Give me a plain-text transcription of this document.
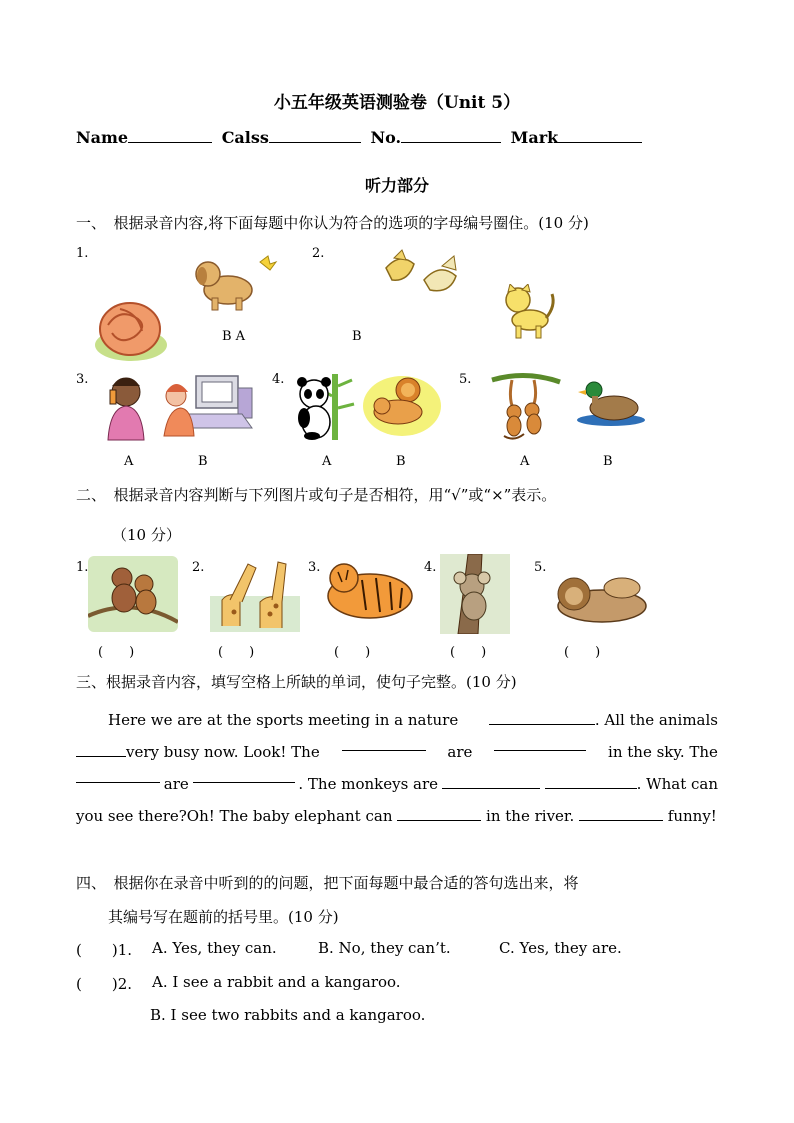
小五年级英语测验卷（Unit 5）
Name	Calss	No.	Mark
听力部分
一、　根据录音内容,将下面每题中你认为符合的选项的字母编号圈住。(10 分)
1.	2.
B A	B
3.	4.	5.
A	B	A	B	A	B
二、　根据录音内容判断与下列图片或句子是否相符，用“√”或“×”表示。
（10 分）
1.	2.	3.	4.	5.
(　　)	(　　)	(　　)	(　　)	(　　)
三、根据录音内容，填写空格上所缺的单词，使句子完整。(10 分)
Here we are at the sports meeting in a nature	. All the animals
very busy now. Look! The	are	in the sky. The
are	. The monkeys are	. What can
you see there?Oh! The baby elephant can	in the river.	funny!
四、　根据你在录音中听到的的问题，把下面每题中最合适的答句选出来，将
其编号写在题前的括号里。(10 分)
(　　)1. A. Yes, they can.	B. No, they can’t.	C. Yes, they are.
(　　)2. A. I see a rabbit and a kangaroo.
B. I see two rabbits and a kangaroo.
